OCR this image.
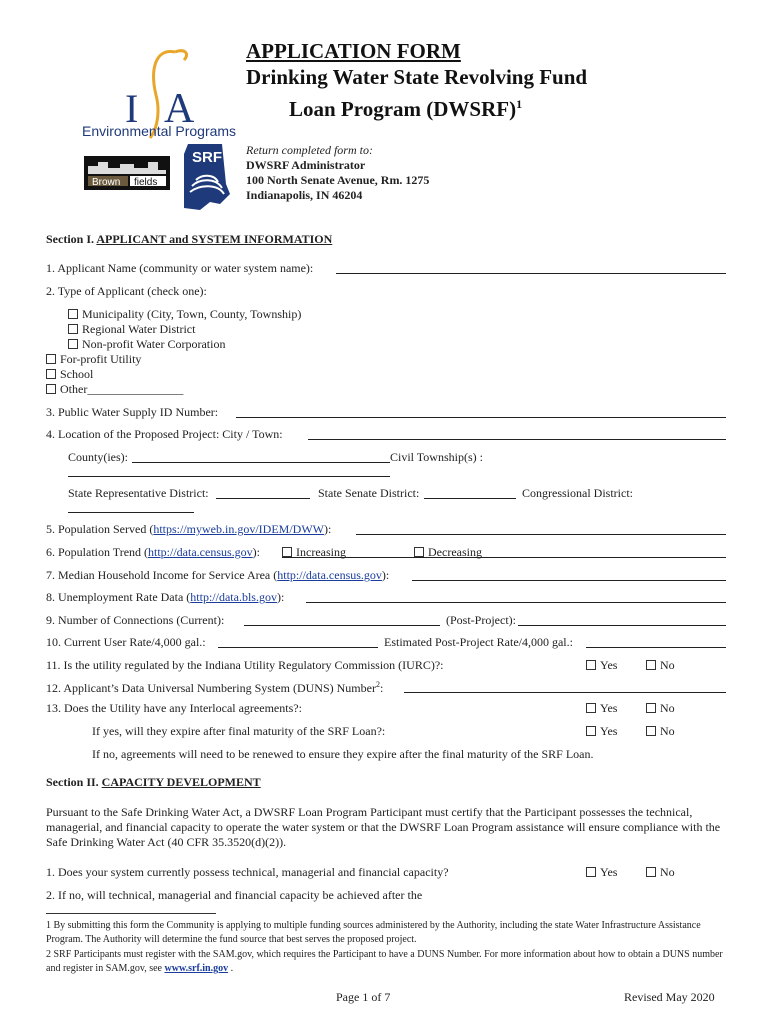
I A
Environmental Programs
Brown fields
SRF
APPLICATION FORM
Drinking Water State Revolving Fund
Loan Program (DWSRF)$^1$
Return completed form to:
DWSRF Administrator
100 North Senate Avenue, Rm. 1275
Indianapolis, IN 46204
Section I. APPLICANT and SYSTEM INFORMATION
1. Applicant Name (community or water system name):
2. Type of Applicant (check one):
Municipality (City, Town, County, Township)
Regional Water District
Non-profit Water Corporation
For-profit Utility
School
Other________________
3. Public Water Supply ID Number:
4. Location of the Proposed Project: City / Town:
County(ies):	Civil Township(s) :
State Representative District:	State Senate District:	Congressional District:
5. Population Served (https://myweb.in.gov/IDEM/DWW):
6. Population Trend (http://data.census.gov):	Increasing	Decreasing
7. Median Household Income for Service Area (http://data.census.gov):
8. Unemployment Rate Data (http://data.bls.gov):
9. Number of Connections (Current):	(Post-Project):
10. Current User Rate/4,000 gal.:	Estimated Post-Project Rate/4,000 gal.:
11. Is the utility regulated by the Indiana Utility Regulatory Commission (IURC)?:	Yes	No
12. Applicant’s Data Universal Numbering System (DUNS) Number$^2$:
13. Does the Utility have any Interlocal agreements?:	Yes	No
If yes, will they expire after final maturity of the SRF Loan?:	Yes	No
If no, agreements will need to be renewed to ensure they expire after the final maturity of the SRF Loan.
Section II. CAPACITY DEVELOPMENT
Pursuant to the Safe Drinking Water Act, a DWSRF Loan Program Participant must certify that the Participant possesses the technical, managerial, and financial capacity to operate the water system or that the DWSRF Loan Program assistance will ensure compliance with the Safe Drinking Water Act (40 CFR 35.3520(d)(2)).
1. Does your system currently possess technical, managerial and financial capacity?	Yes	No
2. If no, will technical, managerial and financial capacity be achieved after the
1 By submitting this form the Community is applying to multiple funding sources administered by the Authority, including the state Water Infrastructure Assistance Program. The Authority will determine the fund source that best serves the proposed project.
2 SRF Participants must register with the SAM.gov, which requires the Participant to have a DUNS Number. For more information about how to obtain a DUNS number and register in SAM.gov, see www.srf.in.gov .
Page 1 of 7	Revised May 2020
